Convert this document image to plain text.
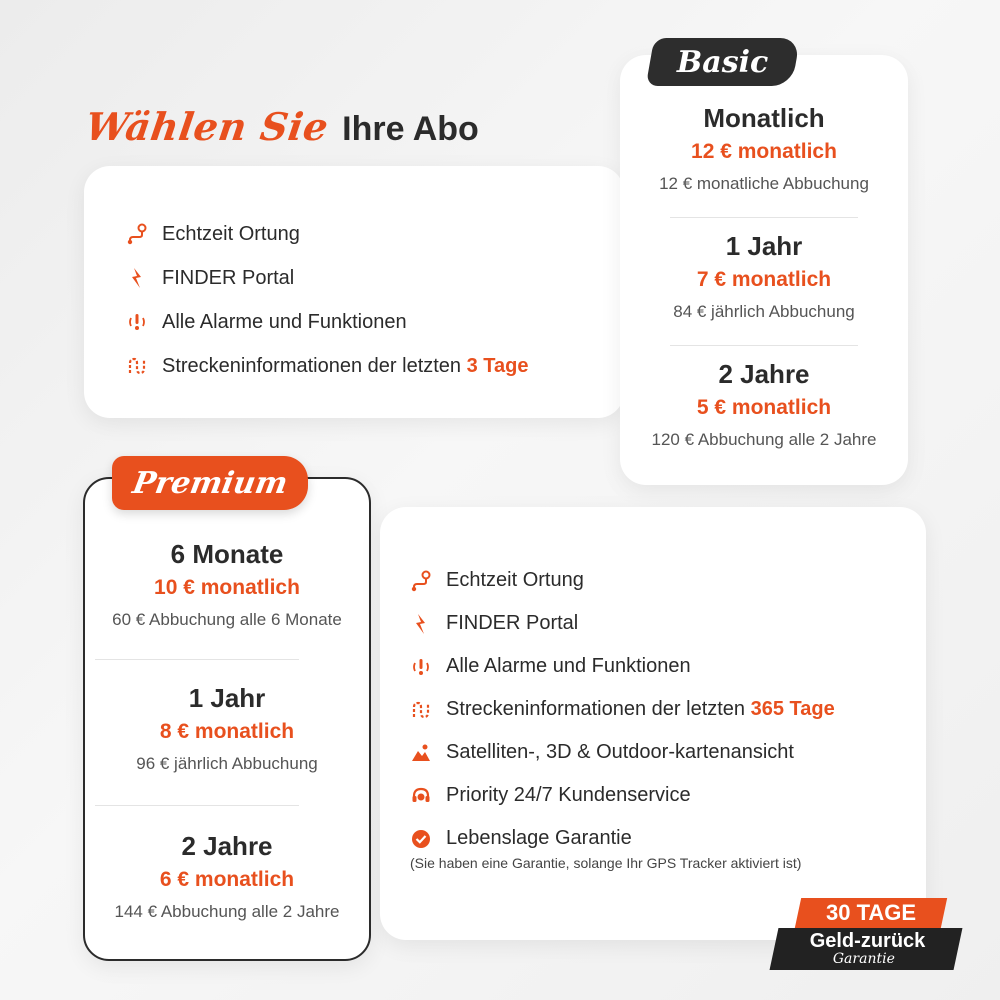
Wählen Sie Ihre Abo
Echtzeit Ortung
FINDER Portal
Alle Alarme und Funktionen
Streckeninformationen der letzten 3 Tage
Monatlich
12 € monatlich
12 € monatliche Abbuchung
1 Jahr
7 € monatlich
84 € jährlich Abbuchung
2 Jahre
5 € monatlich
120 € Abbuchung alle 2 Jahre
Basic
6 Monate
10 € monatlich
60 € Abbuchung alle 6 Monate
1 Jahr
8 € monatlich
96 € jährlich Abbuchung
2 Jahre
6 € monatlich
144 € Abbuchung alle 2 Jahre
Premium
Echtzeit Ortung
FINDER Portal
Alle Alarme und Funktionen
Streckeninformationen der letzten 365 Tage
Satelliten-, 3D & Outdoor-kartenansicht
Priority 24/7 Kundenservice
Lebenslage Garantie
(Sie haben eine Garantie, solange Ihr GPS Tracker aktiviert ist)
30 TAGE
Geld-zurück
Garantie
